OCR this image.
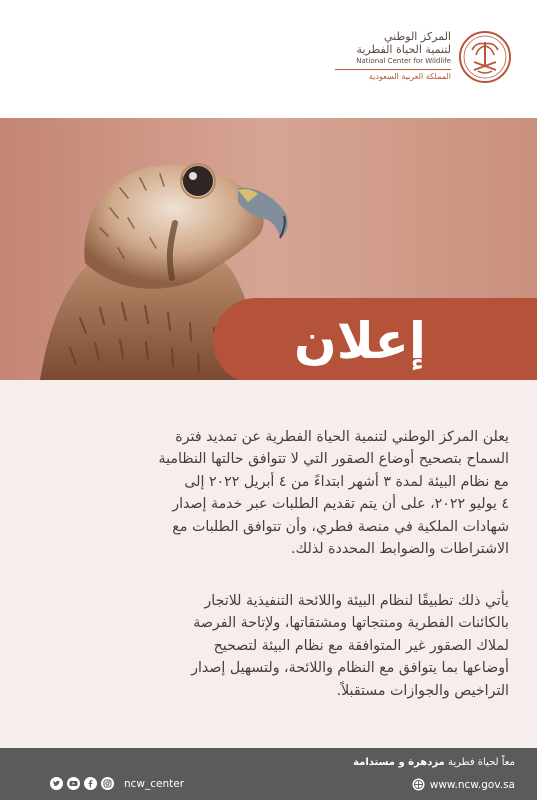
المركز الوطني
لتنمية الحياة الفطرية
National Center for Wildlife
المملكة العربية السعودية
إعلان
يعلن المركز الوطني لتنمية الحياة الفطرية عن تمديد فترة
السماح بتصحيح أوضاع الصقور التي لا تتوافق حالتها النظامية
مع نظام البيئة لمدة ٣ أشهر ابتداءً من ٤ أبريل ٢٠٢٢ إلى
٤ يوليو ٢٠٢٢، على أن يتم تقديم الطلبات عبر خدمة إصدار
شهادات الملكية في منصة فطري، وأن تتوافق الطلبات مع
الاشتراطات والضوابط المحددة لذلك.
يأتي ذلك تطبيقًا لنظام البيئة واللائحة التنفيذية للاتجار
بالكائنات الفطرية ومنتجاتها ومشتقاتها، ولإتاحة الفرصة
لملاك الصقور غير المتوافقة مع نظام البيئة لتصحيح
أوضاعها بما يتوافق مع النظام واللائحة، ولتسهيل إصدار
التراخيص والجوازات مستقبلاً.
معاً لحياة فطرية مزدهرة و مستدامة
www.ncw.gov.sa
ncw_center
